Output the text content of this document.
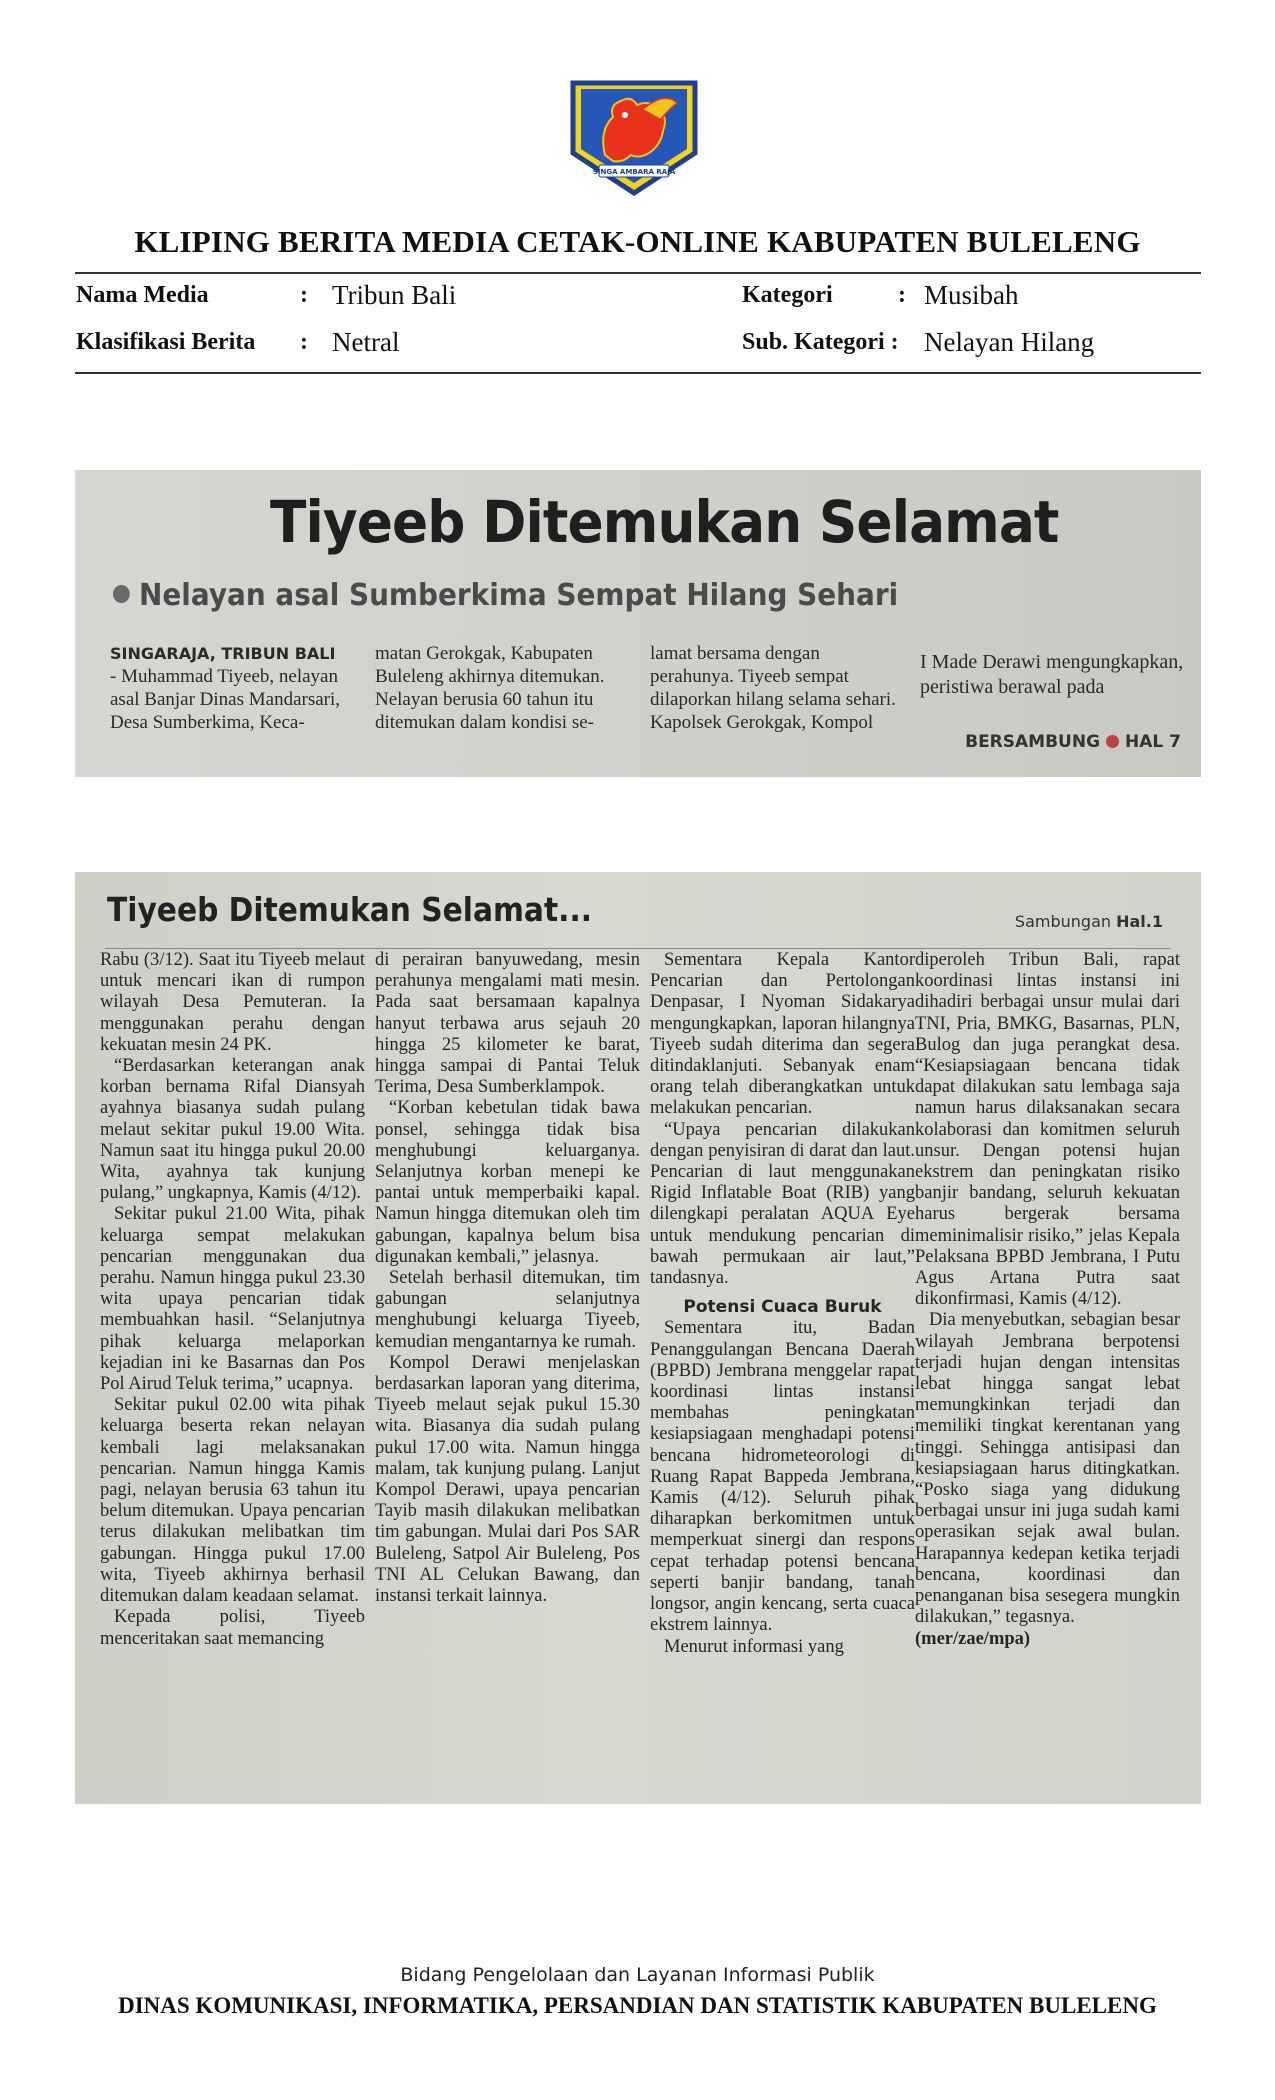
SINGA AMBARA RAJA
KLIPING BERITA MEDIA CETAK-ONLINE KABUPATEN BULELENG
Nama Media	: Tribun Bali
Klasifikasi Berita : Netral
Kategori	: Musibah
Sub. Kategori : Nelayan Hilang
Tiyeeb Ditemukan Selamat
Nelayan asal Sumberkima Sempat Hilang Sehari
SINGARAJA, TRIBUN BALI
- Muhammad Tiyeeb, nelayan asal Banjar Dinas Mandarsari, Desa Sumberkima, Keca-
matan Gerokgak, Kabupaten Buleleng akhirnya ditemukan. Nelayan berusia 60 tahun itu ditemukan dalam kondisi se-
lamat bersama dengan perahunya. Tiyeeb sempat dilaporkan hilang selama sehari. Kapolsek Gerokgak, Kompol
I Made Derawi mengungkapkan, peristiwa berawal pada
BERSAMBUNG HAL 7
Tiyeeb Ditemukan Selamat...	Sambungan Hal.1

Rabu (3/12). Saat itu Tiyeeb melaut untuk mencari ikan di rumpon wilayah Desa Pemuteran. Ia menggunakan perahu dengan kekuatan mesin 24 PK.

“Berdasarkan keterangan anak korban bernama Rifal Diansyah ayahnya biasanya sudah pulang melaut sekitar pukul 19.00 Wita. Namun saat itu hingga pukul 20.00 Wita, ayahnya tak kunjung pulang,” ungkapnya, Kamis (4/12).

Sekitar pukul 21.00 Wita, pihak keluarga sempat melakukan pencarian menggunakan dua perahu. Namun hingga pukul 23.30 wita upaya pencarian tidak membuahkan hasil. “Selanjutnya pihak keluarga melaporkan kejadian ini ke Basarnas dan Pos Pol Airud Teluk terima,” ucapnya.

Sekitar pukul 02.00 wita pihak keluarga beserta rekan nelayan kembali lagi melaksanakan pencarian. Namun hingga Kamis pagi, nelayan berusia 63 tahun itu belum ditemukan. Upaya pencarian terus dilakukan melibatkan tim gabungan. Hingga pukul 17.00 wita, Tiyeeb akhirnya berhasil ditemukan dalam keadaan selamat.

Kepada polisi, Tiyeeb menceritakan saat memancing

di perairan banyuwedang, mesin perahunya mengalami mati mesin. Pada saat bersamaan kapalnya hanyut terbawa arus sejauh 20 hingga 25 kilometer ke barat, hingga sampai di Pantai Teluk Terima, Desa Sumberklampok.

“Korban kebetulan tidak bawa ponsel, sehingga tidak bisa menghubungi keluarganya. Selanjutnya korban menepi ke pantai untuk memperbaiki kapal. Namun hingga ditemukan oleh tim gabungan, kapalnya belum bisa digunakan kembali,” jelasnya.

Setelah berhasil ditemukan, tim gabungan selanjutnya menghubungi keluarga Tiyeeb, kemudian mengantarnya ke rumah.

Kompol Derawi menjelaskan berdasarkan laporan yang diterima, Tiyeeb melaut sejak pukul 15.30 wita. Biasanya dia sudah pulang pukul 17.00 wita. Namun hingga malam, tak kunjung pulang. Lanjut Kompol Derawi, upaya pencarian Tayib masih dilakukan melibatkan tim gabungan. Mulai dari Pos SAR Buleleng, Satpol Air Buleleng, Pos TNI AL Celukan Bawang, dan instansi terkait lainnya.

Sementara Kepala Kantor Pencarian dan Pertolongan Denpasar, I Nyoman Sidakarya mengungkapkan, laporan hilangnya Tiyeeb sudah diterima dan segera ditindaklanjuti. Sebanyak enam orang telah diberangkatkan untuk melakukan pencarian.

“Upaya pencarian dilakukan dengan penyisiran di darat dan laut. Pencarian di laut menggunakan Rigid Inflatable Boat (RIB) yang dilengkapi peralatan AQUA Eye untuk mendukung pencarian di bawah permukaan air laut,” tandasnya.

Potensi Cuaca Buruk

Sementara itu, Badan Penanggulangan Bencana Daerah (BPBD) Jembrana menggelar rapat koordinasi lintas instansi membahas peningkatan kesiapsiagaan menghadapi potensi bencana hidrometeorologi di Ruang Rapat Bappeda Jembrana, Kamis (4/12). Seluruh pihak diharapkan berkomitmen untuk memperkuat sinergi dan respons cepat terhadap potensi bencana seperti banjir bandang, tanah longsor, angin kencang, serta cuaca ekstrem lainnya.

Menurut informasi yang

diperoleh Tribun Bali, rapat koordinasi lintas instansi ini dihadiri berbagai unsur mulai dari TNI, Pria, BMKG, Basarnas, PLN, Bulog dan juga perangkat desa. “Kesiapsiagaan bencana tidak dapat dilakukan satu lembaga saja namun harus dilaksanakan secara kolaborasi dan komitmen seluruh unsur. Dengan potensi hujan ekstrem dan peningkatan risiko banjir bandang, seluruh kekuatan harus bergerak bersama meminimalisir risiko,” jelas Kepala Pelaksana BPBD Jembrana, I Putu Agus Artana Putra saat dikonfirmasi, Kamis (4/12).

Dia menyebutkan, sebagian besar wilayah Jembrana berpotensi terjadi hujan dengan intensitas lebat hingga sangat lebat memungkinkan terjadi dan memiliki tingkat kerentanan yang tinggi. Sehingga antisipasi dan kesiapsiagaan harus ditingkatkan. “Posko siaga yang didukung berbagai unsur ini juga sudah kami operasikan sejak awal bulan. Harapannya kedepan ketika terjadi bencana, koordinasi dan penanganan bisa sesegera mungkin dilakukan,” tegasnya.

(mer/zae/mpa)

Bidang Pengelolaan dan Layanan Informasi Publik
DINAS KOMUNIKASI, INFORMATIKA, PERSANDIAN DAN STATISTIK KABUPATEN BULELENG
